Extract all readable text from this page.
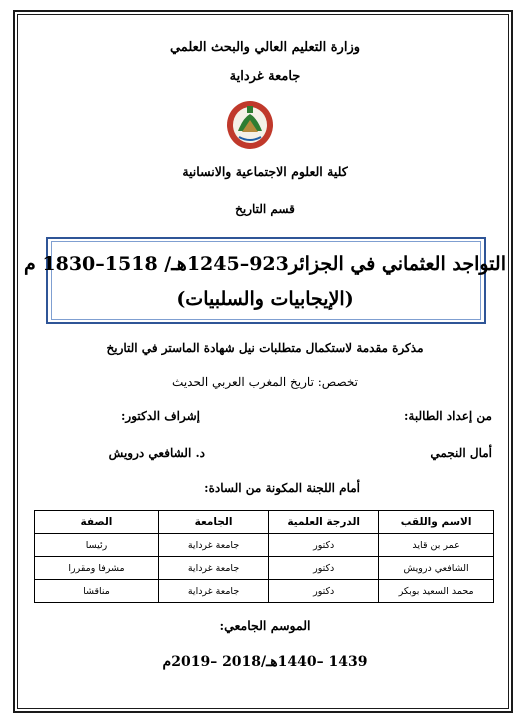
وزارة التعليم العالي والبحث العلمي
جامعة غرداية
كلية العلوم الاجتماعية والانسانية
قسم التاريخ
التواجد العثماني في الجزائر923–1245هـ/ 1518–1830 م
(الإيجابيات والسلبيات)
مذكرة مقدمة لاستكمال متطلبات نيل شهادة الماستر في التاريخ
تخصص: تاريخ المغرب العربي الحديث
من إعداد الطالبة:
إشراف الدكتور:
أمال النجمي
د. الشافعي درويش
أمام اللجنة المكونة من السادة:
الاسم واللقب	الدرجة العلمية	الجامعة	الصفة
عمر بن قايد	دكتور	جامعة غرداية	رئيسا
الشافعي درويش	دكتور	جامعة غرداية	مشرفا ومقررا
محمد السعيد بوبكر	دكتور	جامعة غرداية	مناقشا
الموسم الجامعي:
1439 –1440هـ/2018 –2019م
